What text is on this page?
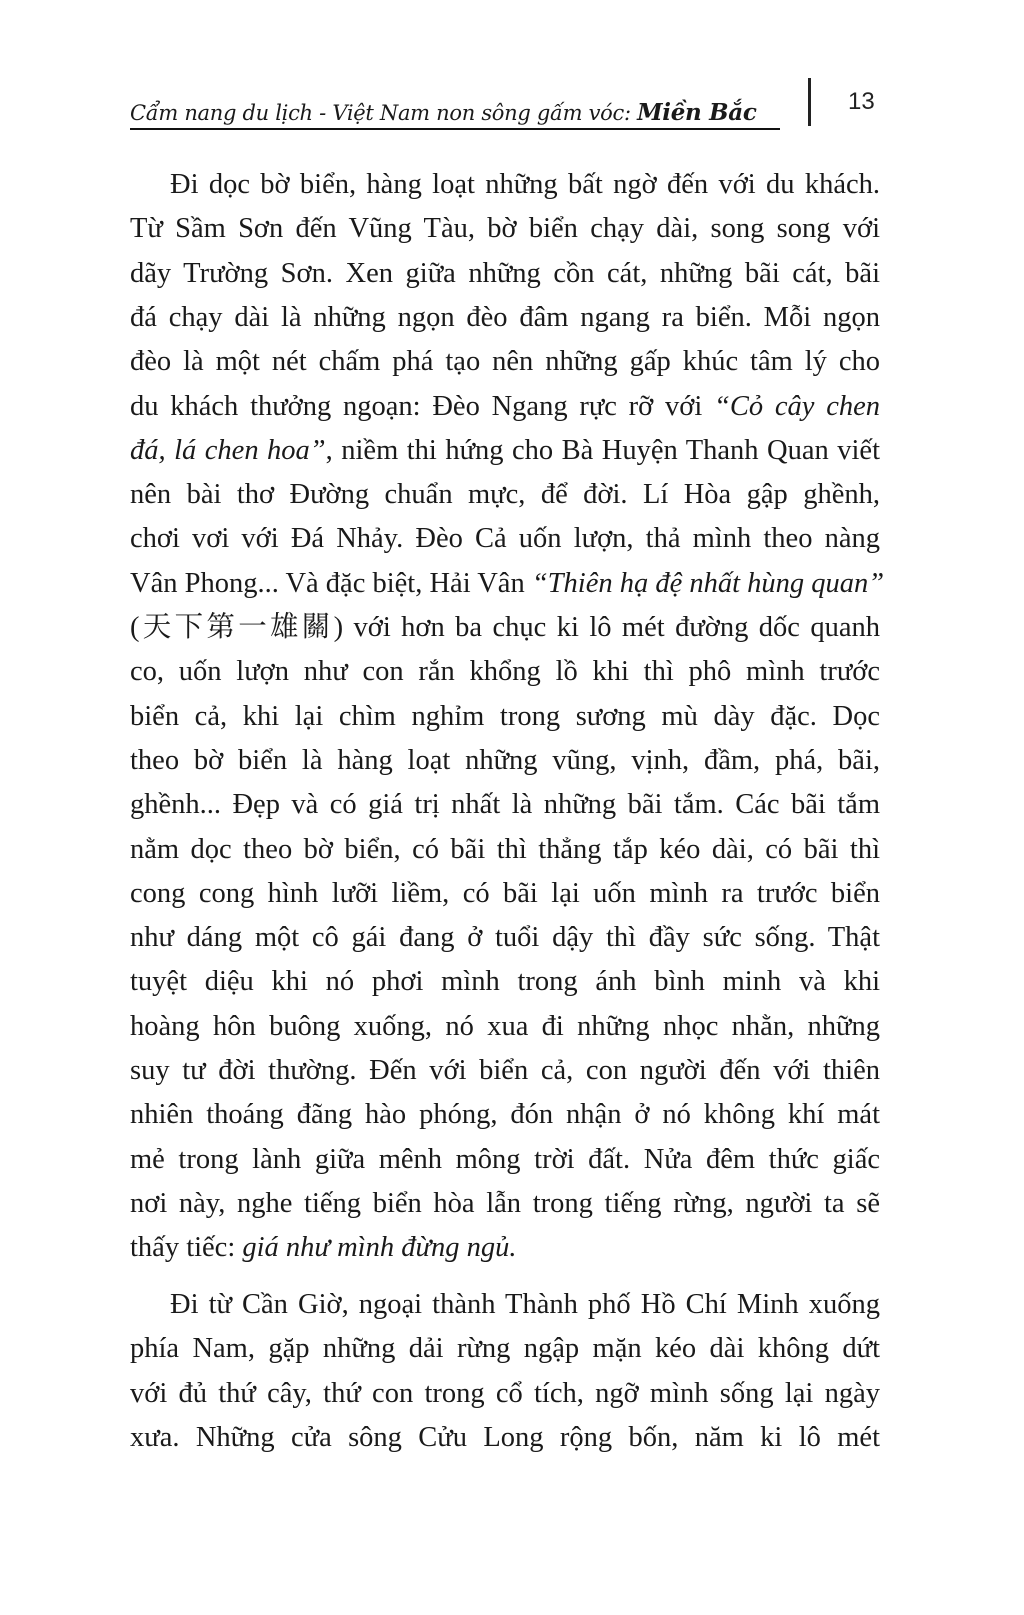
Cẩm nang du lịch - Việt Nam non sông gấm vóc: Miền Bắc	13
Đi dọc bờ biển, hàng loạt những bất ngờ đến với du khách.
Từ Sầm Sơn đến Vũng Tàu, bờ biển chạy dài, song song với
dãy Trường Sơn. Xen giữa những cồn cát, những bãi cát, bãi
đá chạy dài là những ngọn đèo đâm ngang ra biển. Mỗi ngọn
đèo là một nét chấm phá tạo nên những gấp khúc tâm lý cho
du khách thưởng ngoạn: Đèo Ngang rực rỡ với “Cỏ cây chen
đá, lá chen hoa”, niềm thi hứng cho Bà Huyện Thanh Quan viết
nên bài thơ Đường chuẩn mực, để đời. Lí Hòa gập ghềnh,
chơi vơi với Đá Nhảy. Đèo Cả uốn lượn, thả mình theo nàng
Vân Phong... Và đặc biệt, Hải Vân “Thiên hạ đệ nhất hùng quan”
(天下第一雄關) với hơn ba chục ki lô mét đường dốc quanh
co, uốn lượn như con rắn khổng lồ khi thì phô mình trước
biển cả, khi lại chìm nghỉm trong sương mù dày đặc. Dọc
theo bờ biển là hàng loạt những vũng, vịnh, đầm, phá, bãi,
ghềnh... Đẹp và có giá trị nhất là những bãi tắm. Các bãi tắm
nằm dọc theo bờ biển, có bãi thì thẳng tắp kéo dài, có bãi thì
cong cong hình lưỡi liềm, có bãi lại uốn mình ra trước biển
như dáng một cô gái đang ở tuổi dậy thì đầy sức sống. Thật
tuyệt diệu khi nó phơi mình trong ánh bình minh và khi
hoàng hôn buông xuống, nó xua đi những nhọc nhằn, những
suy tư đời thường. Đến với biển cả, con người đến với thiên
nhiên thoáng đãng hào phóng, đón nhận ở nó không khí mát
mẻ trong lành giữa mênh mông trời đất. Nửa đêm thức giấc
nơi này, nghe tiếng biển hòa lẫn trong tiếng rừng, người ta sẽ
thấy tiếc: giá như mình đừng ngủ.
Đi từ Cần Giờ, ngoại thành Thành phố Hồ Chí Minh xuống
phía Nam, gặp những dải rừng ngập mặn kéo dài không dứt
với đủ thứ cây, thứ con trong cổ tích, ngỡ mình sống lại ngày
xưa. Những cửa sông Cửu Long rộng bốn, năm ki lô mét
